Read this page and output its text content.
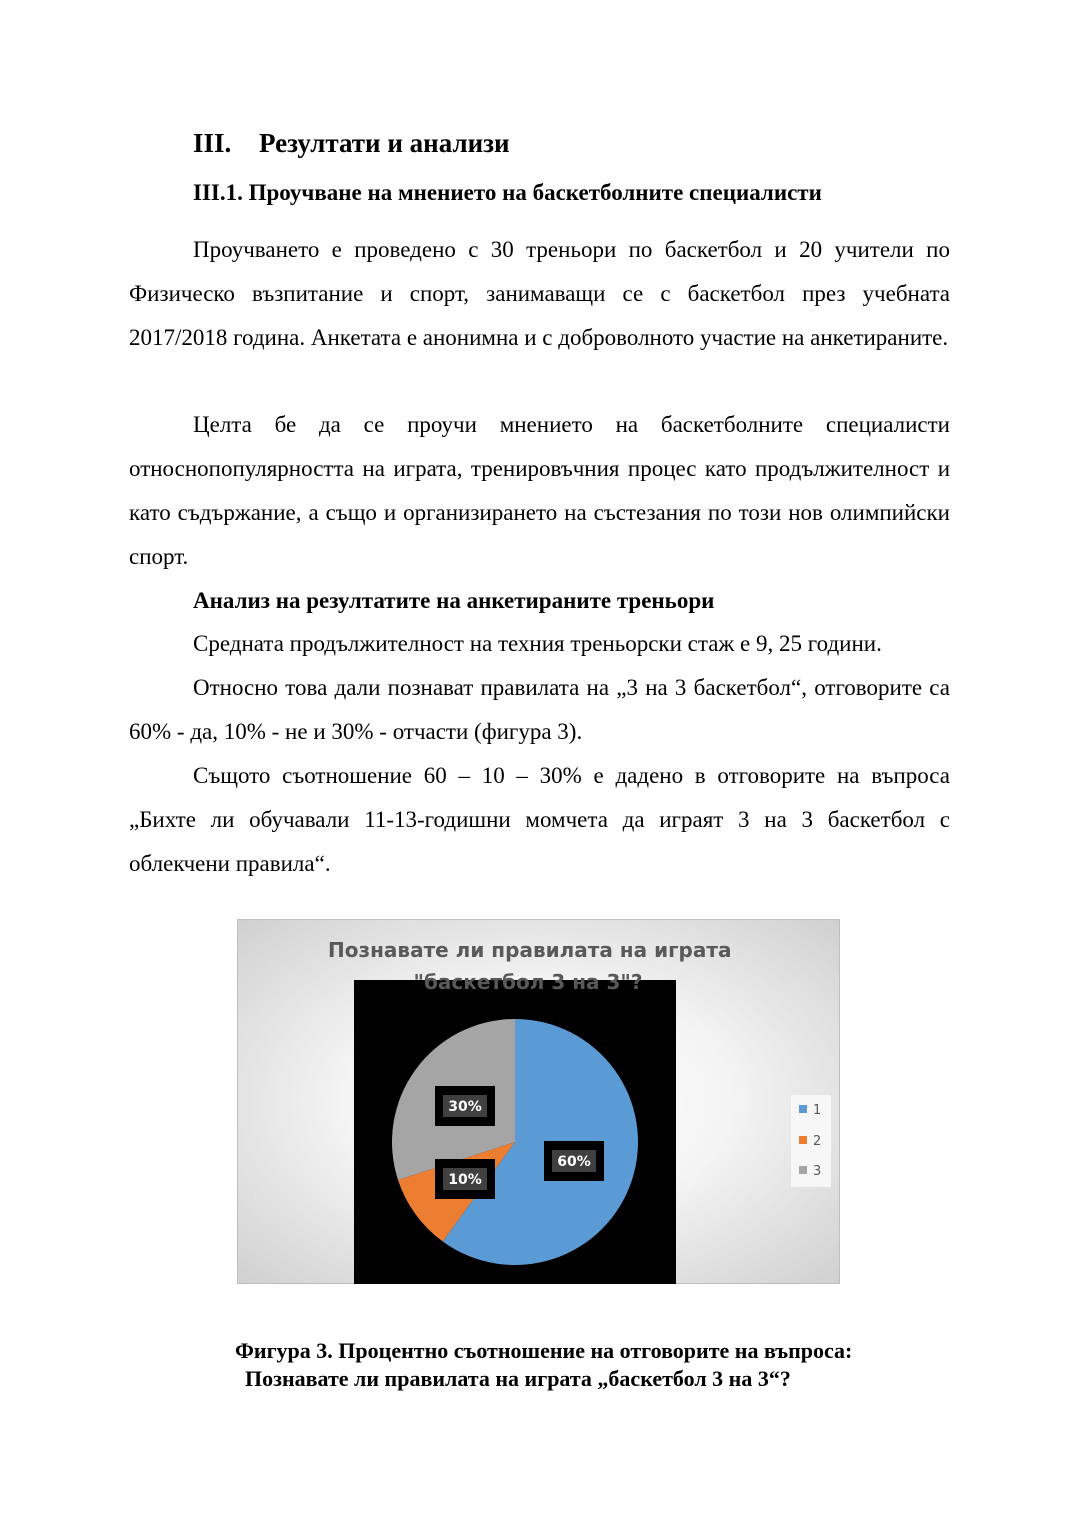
III. Резултати и анализи
III.1. Проучване на мнението на баскетболните специалисти
Проучването е проведено с 30 треньори по баскетбол и 20 учители по Физическо възпитание и спорт, занимаващи се с баскетбол през учебната 2017/2018 година. Анкетата е анонимна и с доброволното участие на анкетираните.
Целта бе да се проучи мнението на баскетболните специалисти относнопопулярността на играта, тренировъчния процес като продължителност и като съдържание, а също и организирането на състезания по този нов олимпийски спорт.
Анализ на резултатите на анкетираните треньори
Средната продължителност на техния треньорски стаж е 9, 25 години.
Относно това дали познават правилата на „3 на 3 баскетбол“, отговорите са 60% - да, 10% - не и 30% - отчасти (фигура 3).
Същото съотношение 60 – 10 – 30% е дадено в отговорите на въпроса „Бихте ли обучавали 11-13-годишни момчета да играят 3 на 3 баскетбол с облекчени правила“.
60%
10%
30%
Познавате ли правилата на играта
"баскетбол 3 на 3"?
1
2
3
Фигура 3. Процентно съотношение на отговорите на въпроса:
Познавате ли правилата на играта „баскетбол 3 на 3“?
